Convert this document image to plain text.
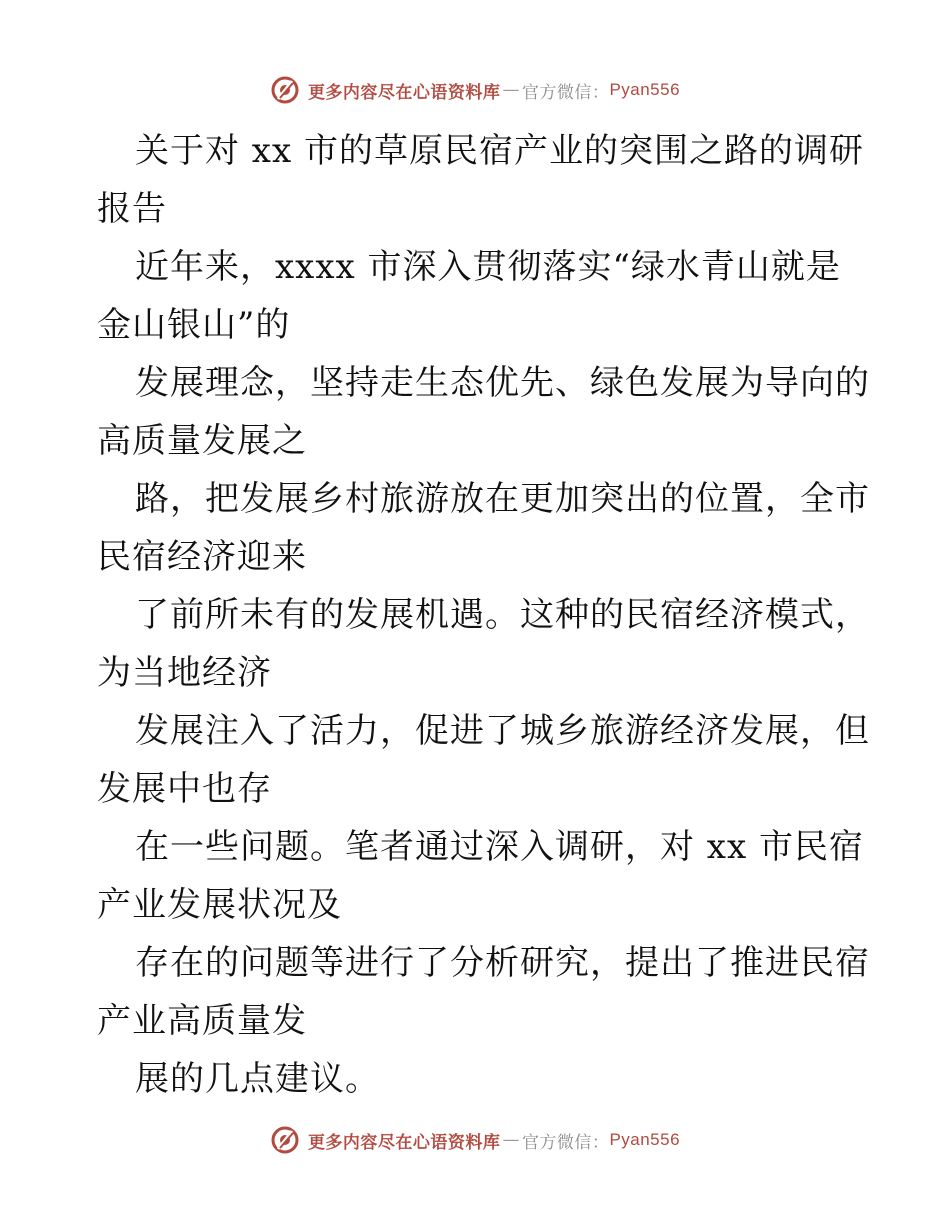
更多内容尽在心语资料库 — 官方微信： Pyan556
关于对 xx 市的草原民宿产业的突围之路的调研
报告
近年来，xxxx 市深入贯彻落实“绿水青山就是
金山银山”的
发展理念，坚持走生态优先、绿色发展为导向的
高质量发展之
路，把发展乡村旅游放在更加突出的位置，全市
民宿经济迎来
了前所未有的发展机遇。这种的民宿经济模式，
为当地经济
发展注入了活力，促进了城乡旅游经济发展，但
发展中也存
在一些问题。笔者通过深入调研，对 xx 市民宿
产业发展状况及
存在的问题等进行了分析研究，提出了推进民宿
产业高质量发
展的几点建议。
更多内容尽在心语资料库 — 官方微信： Pyan556
